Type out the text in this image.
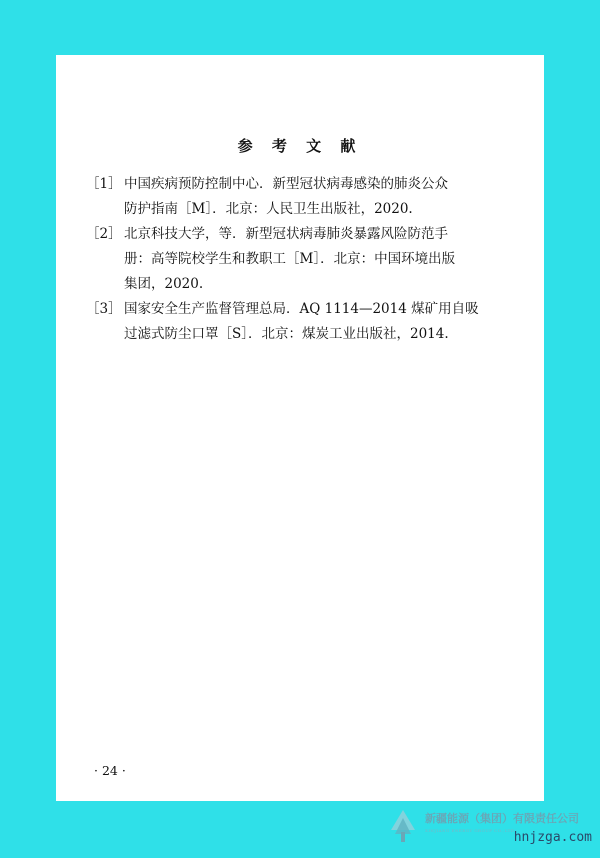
参 考 文 献
［1］ 中国疾病预防控制中心．新型冠状病毒感染的肺炎公众
防护指南［M］．北京：人民卫生出版社，2020.
［2］ 北京科技大学，等．新型冠状病毒肺炎暴露风险防范手
册：高等院校学生和教职工［M］．北京：中国环境出版
集团，2020.
［3］ 国家安全生产监督管理总局．AQ 1114—2014 煤矿用自吸
过滤式防尘口罩［S］．北京：煤炭工业出版社，2014.
· 24 ·
新疆能源（集团）有限责任公司
XINJIANG ENERGY GROUP CO.,LTD hnjzga.com
